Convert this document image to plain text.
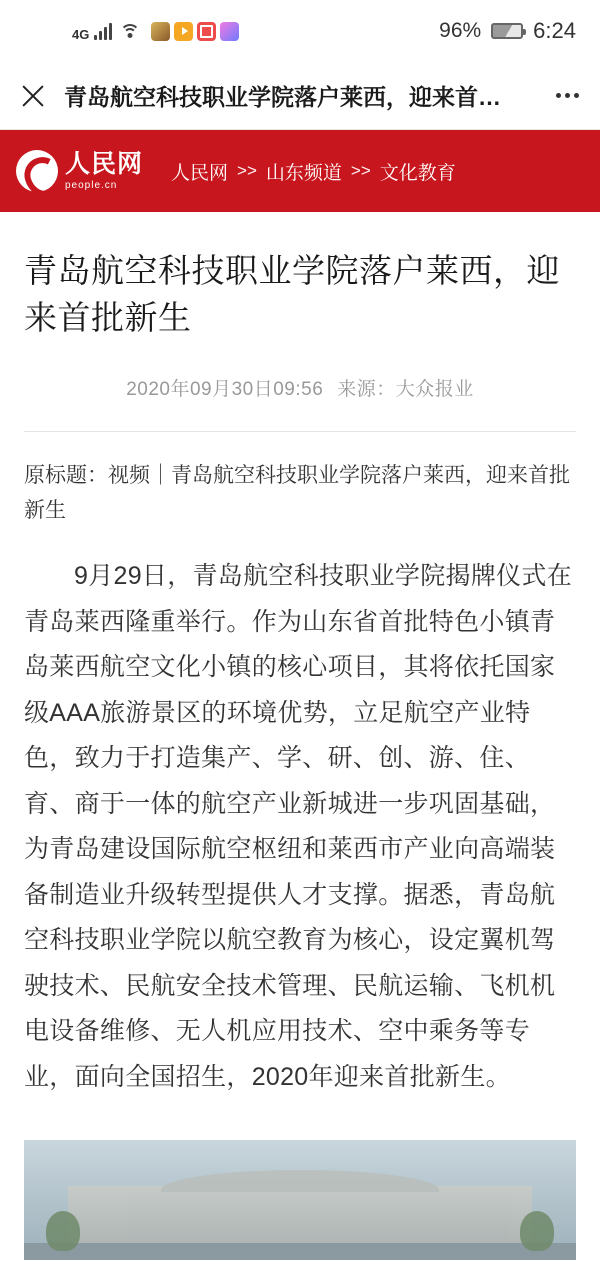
4G	96% 6:24
青岛航空科技职业学院落户莱西，迎来首…
人民网
people.cn
人民网 >> 山东频道 >> 文化教育
青岛航空科技职业学院落户莱西，迎来首批新生
2020年09月30日09:56 来源：大众报业
原标题：视频｜青岛航空科技职业学院落户莱西，迎来首批新生

9月29日，青岛航空科技职业学院揭牌仪式在青岛莱西隆重举行。作为山东省首批特色小镇青岛莱西航空文化小镇的核心项目，其将依托国家级AAA旅游景区的环境优势，立足航空产业特色，致力于打造集产、学、研、创、游、住、育、商于一体的航空产业新城进一步巩固基础，为青岛建设国际航空枢纽和莱西市产业向高端装备制造业升级转型提供人才支撑。据悉，青岛航空科技职业学院以航空教育为核心，设定翼机驾驶技术、民航安全技术管理、民航运输、飞机机电设备维修、无人机应用技术、空中乘务等专业，面向全国招生，2020年迎来首批新生。
